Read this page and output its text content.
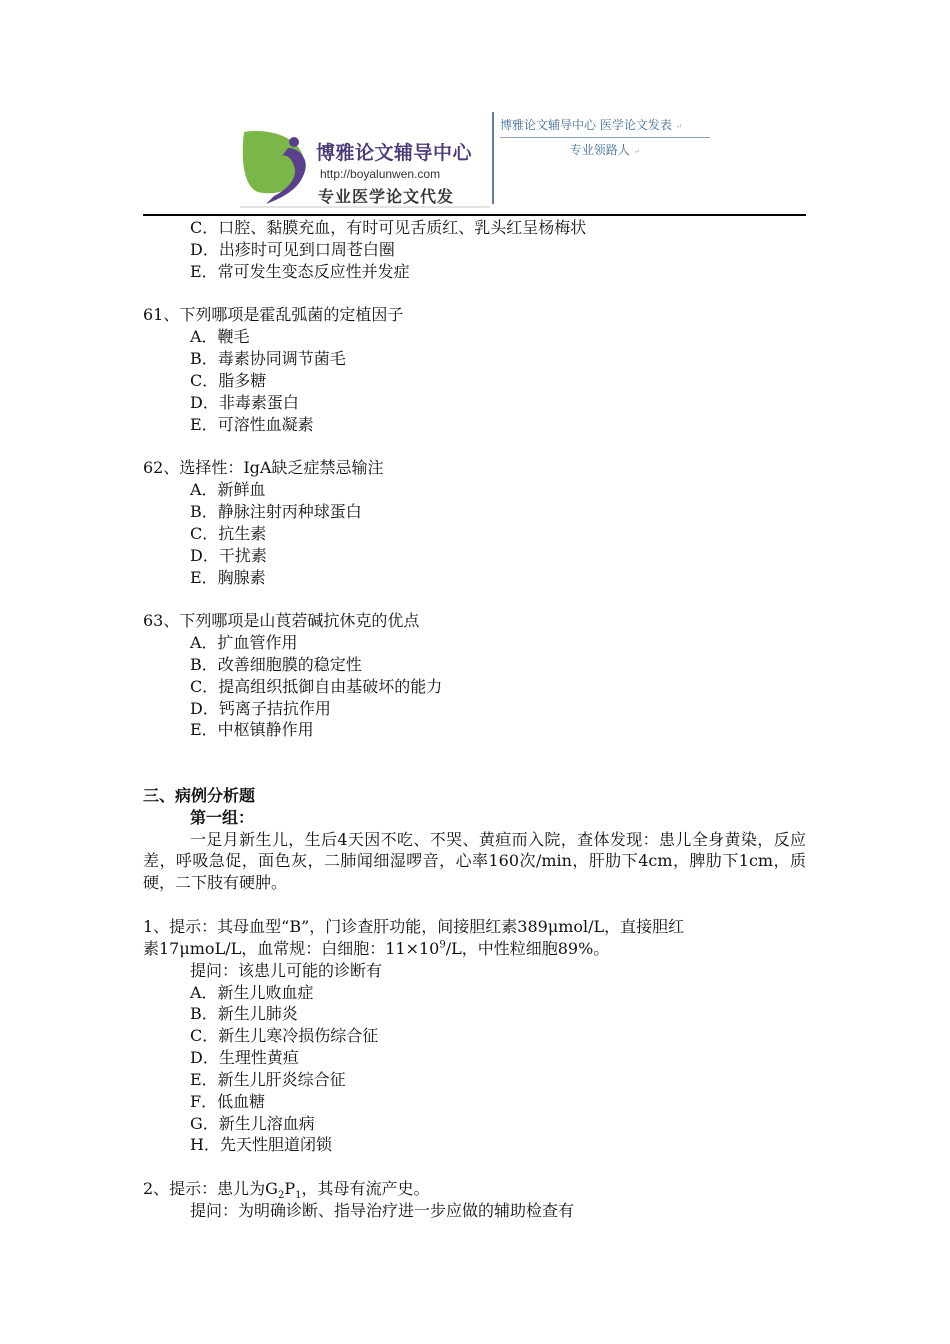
博雅论文辅导中心
http://boyalunwen.com
专业医学论文代发
博雅论文辅导中心 医学论文发表 ↵
专业领路人 ↵
C．口腔、黏膜充血，有时可见舌质红、乳头红呈杨梅状
D．出疹时可见到口周苍白圈
E．常可发生变态反应性并发症
61、下列哪项是霍乱弧菌的定植因子
A．鞭毛
B．毒素协同调节菌毛
C．脂多糖
D．非毒素蛋白
E．可溶性血凝素
62、选择性：IgA缺乏症禁忌输注
A．新鲜血
B．静脉注射丙种球蛋白
C．抗生素
D．干扰素
E．胸腺素
63、下列哪项是山莨菪碱抗休克的优点
A．扩血管作用
B．改善细胞膜的稳定性
C．提高组织抵御自由基破坏的能力
D．钙离子拮抗作用
E．中枢镇静作用
三、病例分析题
第一组：
一足月新生儿，生后4天因不吃、不哭、黄疸而入院，查体发现：患儿全身黄染，反应差，呼吸急促，面色灰，二肺闻细湿啰音，心率160次/min，肝肋下4cm，脾肋下1cm，质硬，二下肢有硬肿。
1、提示：其母血型“B”，门诊查肝功能，间接胆红素389μmol/L，直接胆红
素17μmoL/L，血常规：白细胞：$11\times 10^9/L$，中性粒细胞89%。
提问：该患儿可能的诊断有
A．新生儿败血症
B．新生儿肺炎
C．新生儿寒冷损伤综合征
D．生理性黄疸
E．新生儿肝炎综合征
F．低血糖
G．新生儿溶血病
H．先天性胆道闭锁
2、提示：患儿为$G_2P_1$，其母有流产史。
提问：为明确诊断、指导治疗进一步应做的辅助检查有
